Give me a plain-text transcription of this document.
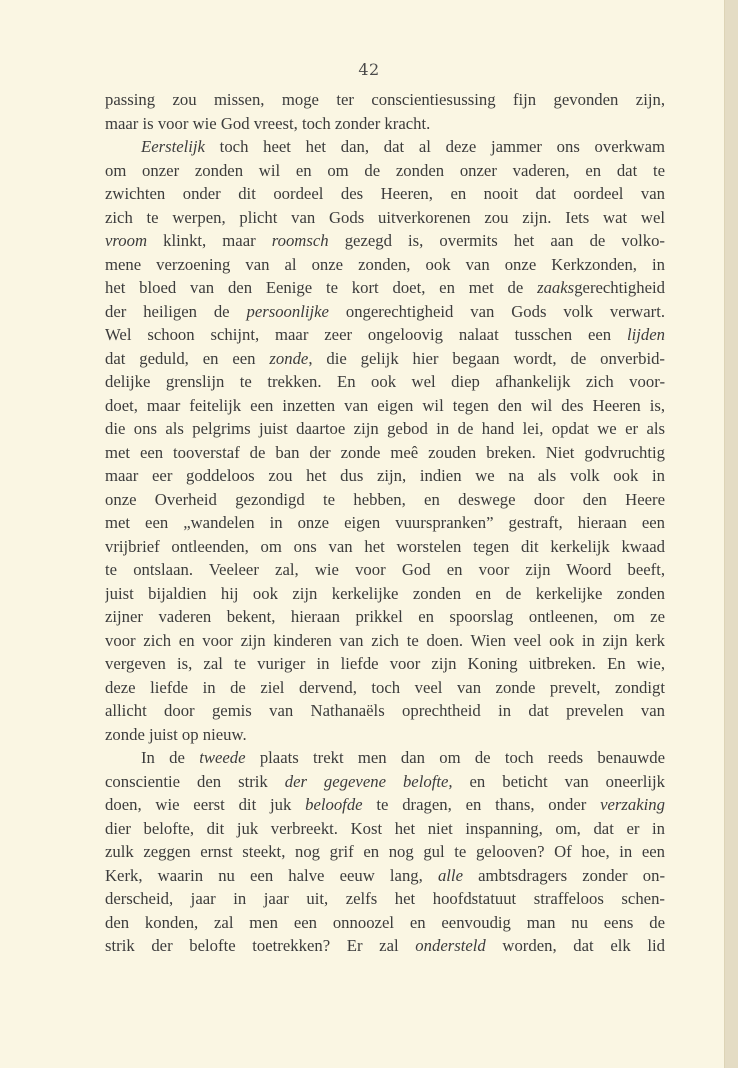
42
passing zou missen, moge ter conscientiesussing fijn gevonden zijn,
maar is voor wie God vreest, toch zonder kracht.
Eerstelijk toch heet het dan, dat al deze jammer ons overkwam
om onzer zonden wil en om de zonden onzer vaderen, en dat te
zwichten onder dit oordeel des Heeren, en nooit dat oordeel van
zich te werpen, plicht van Gods uitverkorenen zou zijn. Iets wat wel
vroom klinkt, maar roomsch gezegd is, overmits het aan de volko-
mene verzoening van al onze zonden, ook van onze Kerkzonden, in
het bloed van den Eenige te kort doet, en met de zaaksgerechtigheid
der heiligen de persoonlijke ongerechtigheid van Gods volk verwart.
Wel schoon schijnt, maar zeer ongeloovig nalaat tusschen een lijden
dat geduld, en een zonde, die gelijk hier begaan wordt, de onverbid-
delijke grenslijn te trekken. En ook wel diep afhankelijk zich voor-
doet, maar feitelijk een inzetten van eigen wil tegen den wil des Heeren is,
die ons als pelgrims juist daartoe zijn gebod in de hand lei, opdat we er als
met een tooverstaf de ban der zonde meê zouden breken. Niet godvruchtig
maar eer goddeloos zou het dus zijn, indien we na als volk ook in
onze Overheid gezondigd te hebben, en deswege door den Heere
met een „wandelen in onze eigen vuurspranken” gestraft, hieraan een
vrijbrief ontleenden, om ons van het worstelen tegen dit kerkelijk kwaad
te ontslaan. Veeleer zal, wie voor God en voor zijn Woord beeft,
juist bijaldien hij ook zijn kerkelijke zonden en de kerkelijke zonden
zijner vaderen bekent, hieraan prikkel en spoorslag ontleenen, om ze
voor zich en voor zijn kinderen van zich te doen. Wien veel ook in zijn kerk
vergeven is, zal te vuriger in liefde voor zijn Koning uitbreken. En wie,
deze liefde in de ziel dervend, toch veel van zonde prevelt, zondigt
allicht door gemis van Nathanaëls oprechtheid in dat prevelen van
zonde juist op nieuw.
In de tweede plaats trekt men dan om de toch reeds benauwde
conscientie den strik der gegevene belofte, en beticht van oneerlijk
doen, wie eerst dit juk beloofde te dragen, en thans, onder verzaking
dier belofte, dit juk verbreekt. Kost het niet inspanning, om, dat er in
zulk zeggen ernst steekt, nog grif en nog gul te gelooven? Of hoe, in een
Kerk, waarin nu een halve eeuw lang, alle ambtsdragers zonder on-
derscheid, jaar in jaar uit, zelfs het hoofdstatuut straffeloos schen-
den konden, zal men een onnoozel en eenvoudig man nu eens de
strik der belofte toetrekken? Er zal ondersteld worden, dat elk lid
